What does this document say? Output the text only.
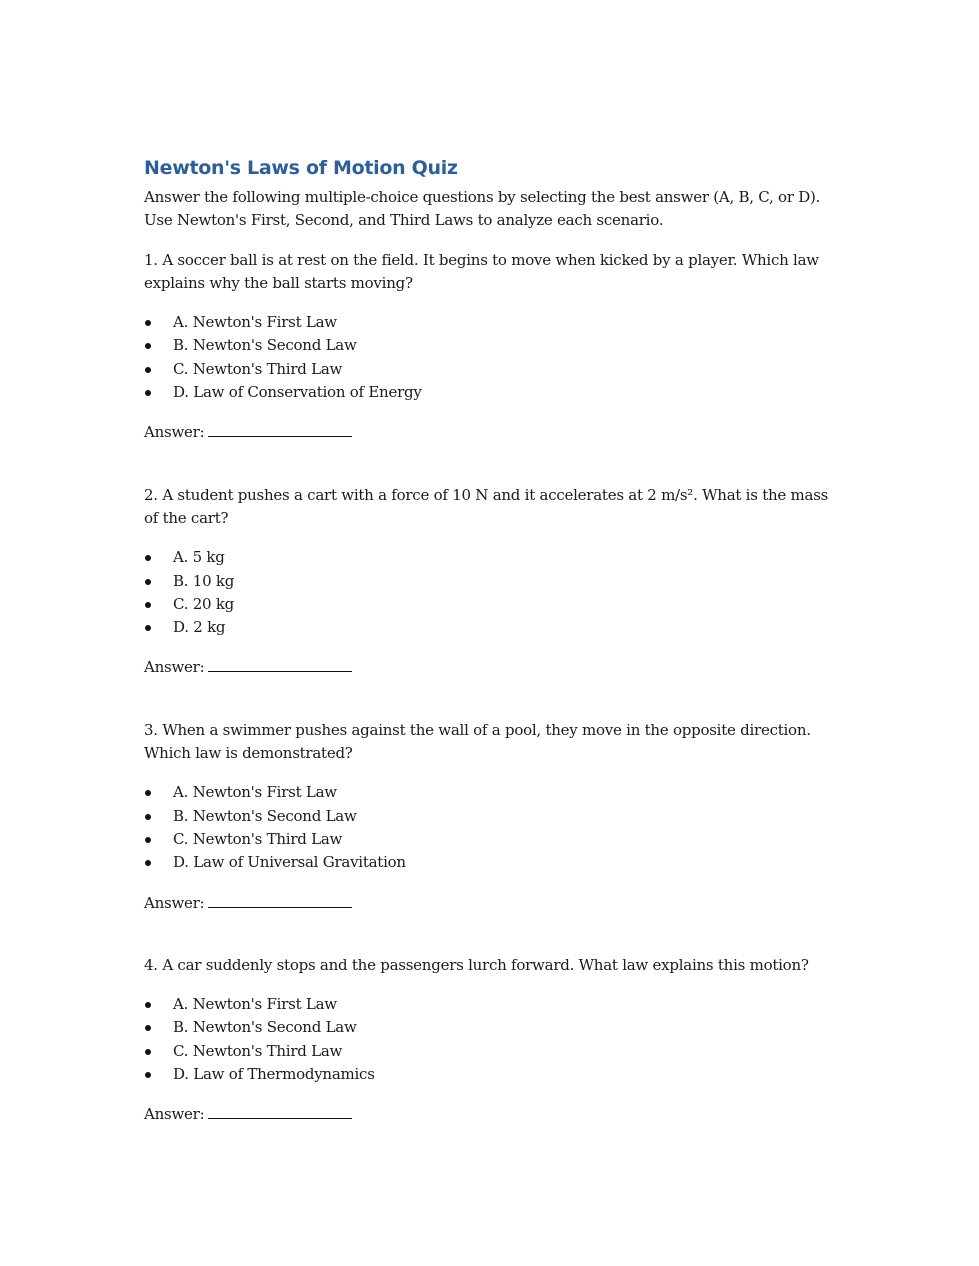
Newton's Laws of Motion Quiz

Answer the following multiple-choice questions by selecting the best answer (A, B, C, or D). Use Newton's First, Second, and Third Laws to analyze each scenario.

1. A soccer ball is at rest on the field. It begins to move when kicked by a player. Which law explains why the ball starts moving?

A. Newton's First Law
B. Newton's Second Law
C. Newton's Third Law
D. Law of Conservation of Energy

Answer:

2. A student pushes a cart with a force of 10 N and it accelerates at 2 m/s². What is the mass of the cart?

A. 5 kg
B. 10 kg
C. 20 kg
D. 2 kg

Answer:

3. When a swimmer pushes against the wall of a pool, they move in the opposite direction. Which law is demonstrated?

A. Newton's First Law
B. Newton's Second Law
C. Newton's Third Law
D. Law of Universal Gravitation

Answer:

4. A car suddenly stops and the passengers lurch forward. What law explains this motion?

A. Newton's First Law
B. Newton's Second Law
C. Newton's Third Law
D. Law of Thermodynamics

Answer:
